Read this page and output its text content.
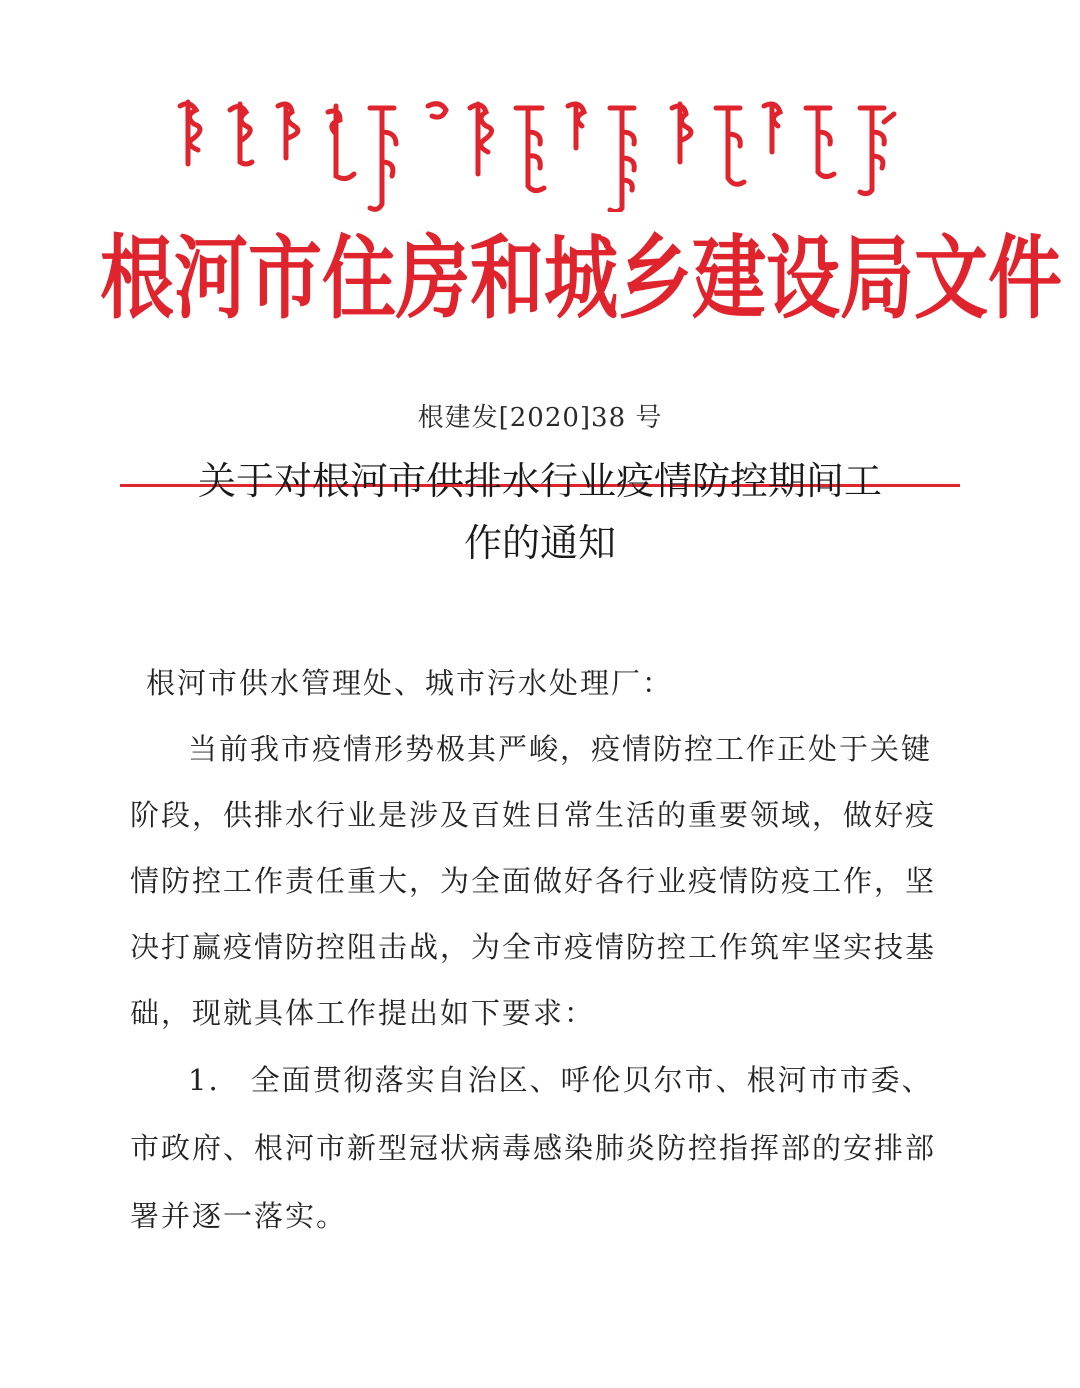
根河市住房和城乡建设局文件
根建发[2020]38 号
关于对根河市供排水行业疫情防控期间工
作的通知

根河市供水管理处、城市污水处理厂：

当前我市疫情形势极其严峻，疫情防控工作正处于关键

阶段，供排水行业是涉及百姓日常生活的重要领域，做好疫

情防控工作责任重大，为全面做好各行业疫情防疫工作，坚

决打赢疫情防控阻击战，为全市疫情防控工作筑牢坚实技基

础，现就具体工作提出如下要求：

1.　全面贯彻落实自治区、呼伦贝尔市、根河市市委、

市政府、根河市新型冠状病毒感染肺炎防控指挥部的安排部

署并逐一落实。
